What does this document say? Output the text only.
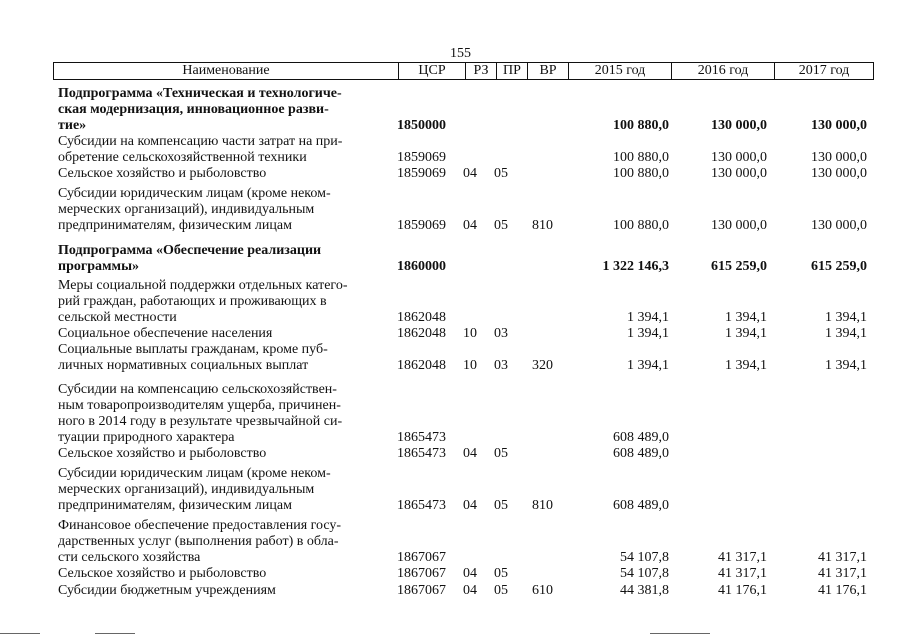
155
Наименование	ЦСР	РЗ	ПР	ВР	2015 год	2016 год	2017 год
Подпрограмма «Техническая и технологиче-
ская модернизация, инновационное разви-
тие»	1850000	100 880,0	130 000,0	130 000,0
Субсидии на компенсацию части затрат на при-
обретение сельскохозяйственной техники	1859069	100 880,0	130 000,0	130 000,0
Сельское хозяйство и рыболовство	1859069 04 05	100 880,0	130 000,0	130 000,0
Субсидии юридическим лицам (кроме неком-
мерческих организаций), индивидуальным
предпринимателям, физическим лицам	1859069 04 05 810	100 880,0	130 000,0	130 000,0
Подпрограмма «Обеспечение реализации
программы»	1860000	1 322 146,3	615 259,0	615 259,0
Меры социальной поддержки отдельных катего-
рий граждан, работающих и проживающих в
сельской местности	1862048	1 394,1	1 394,1	1 394,1
Социальное обеспечение населения	1862048 10 03	1 394,1	1 394,1	1 394,1
Социальные выплаты гражданам, кроме пуб-
личных нормативных социальных выплат	1862048 10 03 320	1 394,1	1 394,1	1 394,1
Субсидии на компенсацию сельскохозяйствен-
ным товаропроизводителям ущерба, причинен-
ного в 2014 году в результате чрезвычайной си-
туации природного характера	1865473	608 489,0
Сельское хозяйство и рыболовство	1865473 04 05	608 489,0
Субсидии юридическим лицам (кроме неком-
мерческих организаций), индивидуальным
предпринимателям, физическим лицам	1865473 04 05 810	608 489,0
Финансовое обеспечение предоставления госу-
дарственных услуг (выполнения работ) в обла-
сти сельского хозяйства	1867067	54 107,8	41 317,1	41 317,1
Сельское хозяйство и рыболовство	1867067 04 05	54 107,8	41 317,1	41 317,1
Субсидии бюджетным учреждениям	1867067 04 05 610	44 381,8	41 176,1	41 176,1
